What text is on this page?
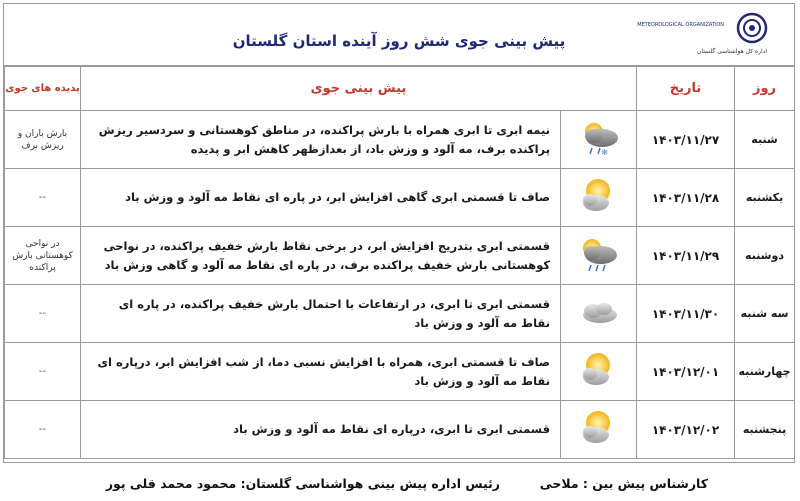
پیش بینی جوی شش روز آینده استان گلستان
METEOROLOGICAL ORGANIZATION
اداره کل هواشناسی گلستان
روز	تاریخ	پیش بینی جوی		پدیده های جوی
شنبه	۱۴۰۳/۱۱/۲۷	✻	نیمه ابری تا ابری همراه با بارش پراکنده، در مناطق کوهستانی و سردسیر ریزش پراکنده برف، مه آلود و وزش باد، از بعدازظهر کاهش ابر و پدیده	بارش باران و ریزش برف
یکشنبه	۱۴۰۳/۱۱/۲۸		صاف تا قسمتی ابری گاهی افزایش ابر، در پاره ای نقاط مه آلود و وزش باد	--
دوشنبه	۱۴۰۳/۱۱/۲۹		قسمتی ابری بتدریج افزایش ابر، در برخی نقاط بارش خفیف پراکنده، در نواحی کوهستانی بارش خفیف پراکنده برف، در پاره ای نقاط مه آلود و گاهی وزش باد	در نواحی کوهستانی بارش پراکنده
سه شنبه	۱۴۰۳/۱۱/۳۰		قسمتی ابری تا ابری، در ارتفاعات با احتمال بارش خفیف پراکنده، در پاره ای نقاط مه آلود و وزش باد	--
چهارشنبه	۱۴۰۳/۱۲/۰۱		صاف تا قسمتی ابری، همراه با افزایش نسبی دما، از شب افزایش ابر، درپاره ای نقاط مه آلود و وزش باد	--
پنجشنبه	۱۴۰۳/۱۲/۰۲		قسمتی ابری تا ابری، درپاره ای نقاط مه آلود و وزش باد	--
کارشناس پیش بین : ملاحی
رئیس اداره پیش بینی هواشناسی گلستان: محمود محمد قلی پور
